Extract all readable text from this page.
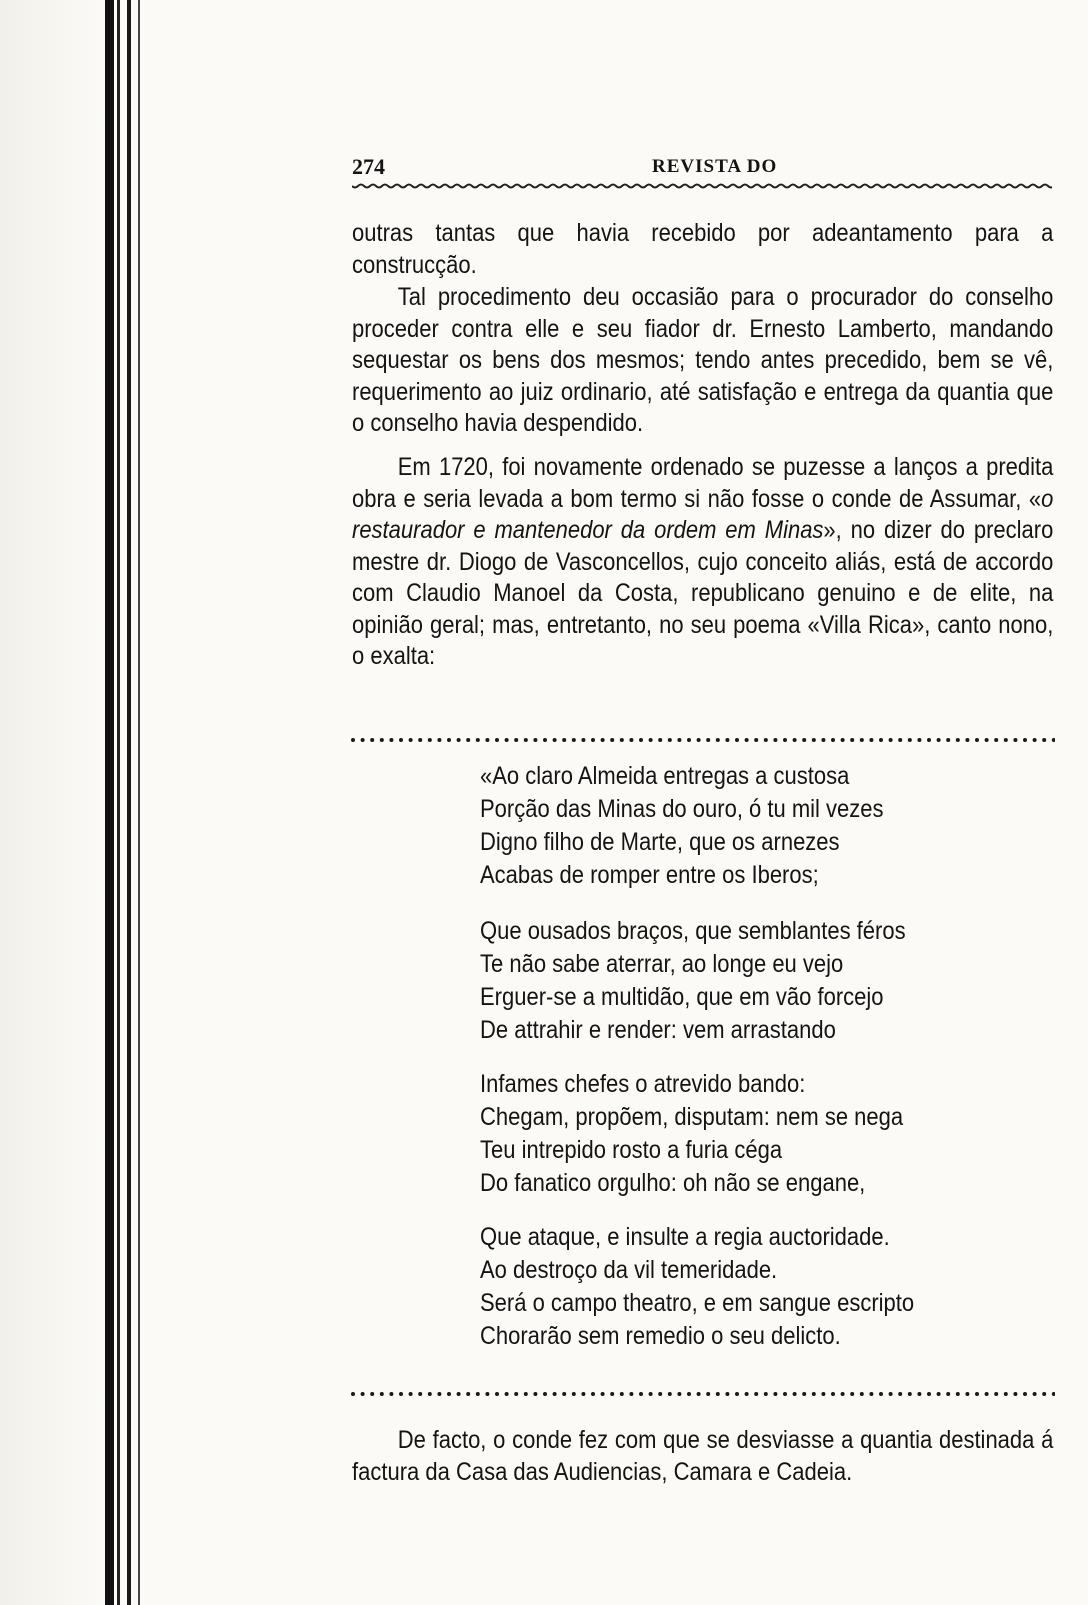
274	REVISTA DO

outras tantas que havia recebido por adeantamento para a construcção.

Tal procedimento deu occasião para o procurador do conselho proceder contra elle e seu fiador dr. Ernesto Lamberto, mandando sequestar os bens dos mesmos; tendo antes precedido, bem se vê, requerimento ao juiz ordinario, até satisfação e entrega da quantia que o conselho havia despendido.

Em 1720, foi novamente ordenado se puzesse a lanços a predita obra e seria levada a bom termo si não fosse o conde de Assumar, «o restaurador e mantenedor da ordem em Minas», no dizer do preclaro mestre dr. Diogo de Vasconcellos, cujo conceito aliás, está de accordo com Claudio Manoel da Costa, republicano genuino e de elite, na opinião geral; mas, entretanto, no seu poema «Villa Rica», canto nono, o exalta:

«Ao claro Almeida entregas a custosa
Porção das Minas do ouro, ó tu mil vezes
Digno filho de Marte, que os arnezes
Acabas de romper entre os Iberos;
Que ousados braços, que semblantes féros
Te não sabe aterrar, ao longe eu vejo
Erguer-se a multidão, que em vão forcejo
De attrahir e render: vem arrastando
Infames chefes o atrevido bando:
Chegam, propõem, disputam: nem se nega
Teu intrepido rosto a furia céga
Do fanatico orgulho: oh não se engane,
Que ataque, e insulte a regia auctoridade.
Ao destroço da vil temeridade.
Será o campo theatro, e em sangue escripto
Chorarão sem remedio o seu delicto.

De facto, o conde fez com que se desviasse a quantia destinada á factura da Casa das Audiencias, Camara e Cadeia.
